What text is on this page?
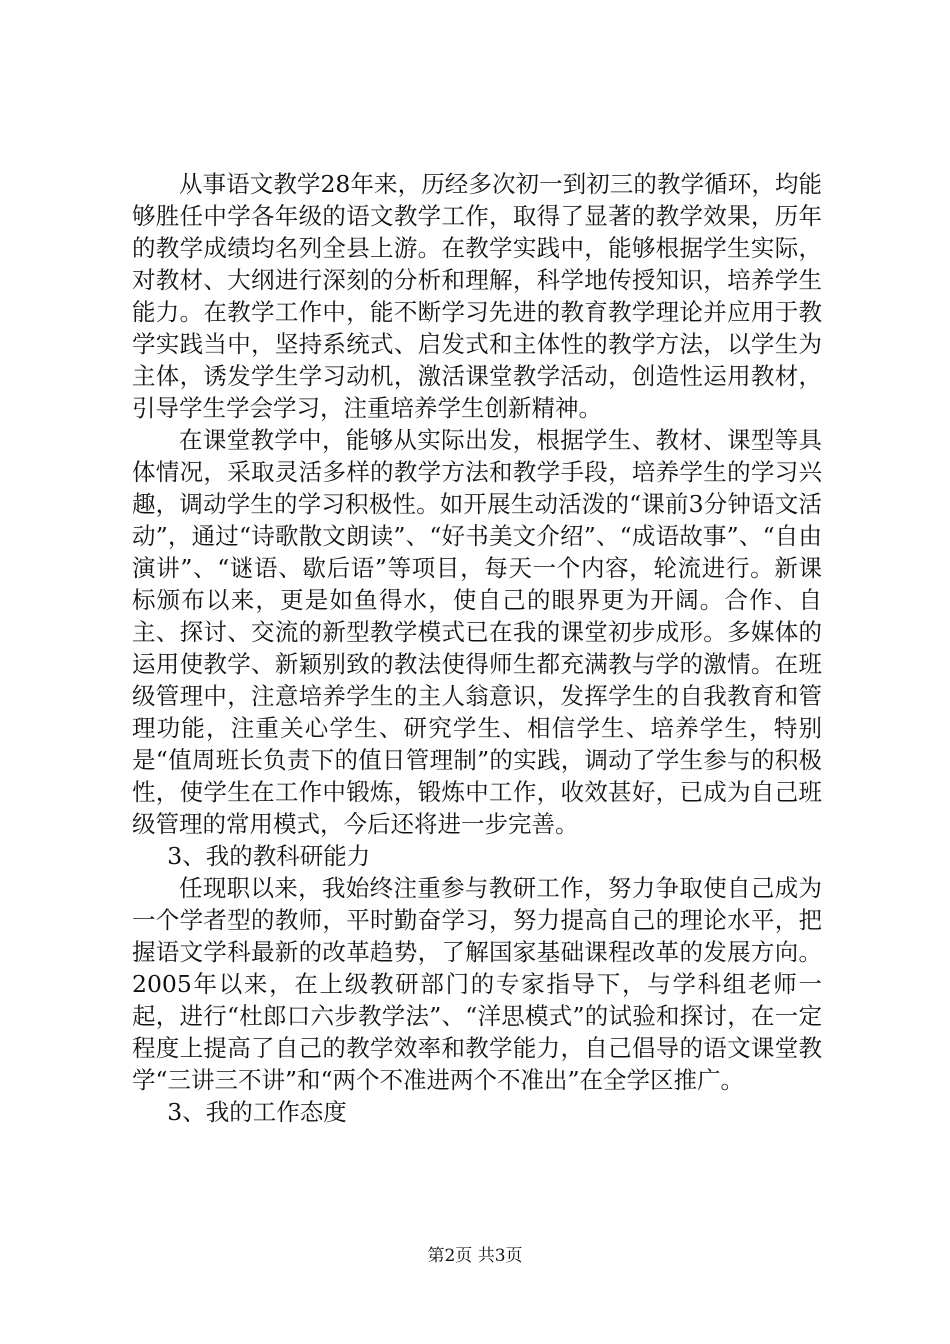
从事语文教学28年来，历经多次初一到初三的教学循环，均能够胜任中学各年级的语文教学工作，取得了显著的教学效果，历年的教学成绩均名列全县上游。在教学实践中，能够根据学生实际，对教材、大纲进行深刻的分析和理解，科学地传授知识，培养学生能力。在教学工作中，能不断学习先进的教育教学理论并应用于教学实践当中，坚持系统式、启发式和主体性的教学方法，以学生为主体，诱发学生学习动机，激活课堂教学活动，创造性运用教材，引导学生学会学习，注重培养学生创新精神。

在课堂教学中，能够从实际出发，根据学生、教材、课型等具体情况，采取灵活多样的教学方法和教学手段，培养学生的学习兴趣，调动学生的学习积极性。如开展生动活泼的“课前3分钟语文活动”，通过“诗歌散文朗读”、“好书美文介绍”、“成语故事”、“自由演讲”、“谜语、歇后语”等项目，每天一个内容，轮流进行。新课标颁布以来，更是如鱼得水，使自己的眼界更为开阔。合作、自主、探讨、交流的新型教学模式已在我的课堂初步成形。多媒体的运用使教学、新颖别致的教法使得师生都充满教与学的激情。在班级管理中，注意培养学生的主人翁意识，发挥学生的自我教育和管理功能，注重关心学生、研究学生、相信学生、培养学生，特别是“值周班长负责下的值日管理制”的实践，调动了学生参与的积极性，使学生在工作中锻炼，锻炼中工作，收效甚好，已成为自己班级管理的常用模式，今后还将进一步完善。

3、我的教科研能力

任现职以来，我始终注重参与教研工作，努力争取使自己成为一个学者型的教师，平时勤奋学习，努力提高自己的理论水平，把握语文学科最新的改革趋势，了解国家基础课程改革的发展方向。2005年以来，在上级教研部门的专家指导下，与学科组老师一起，进行“杜郎口六步教学法”、“洋思模式”的试验和探讨，在一定程度上提高了自己的教学效率和教学能力，自己倡导的语文课堂教学“三讲三不讲”和“两个不准进两个不准出”在全学区推广。

3、我的工作态度

第2页 共3页
